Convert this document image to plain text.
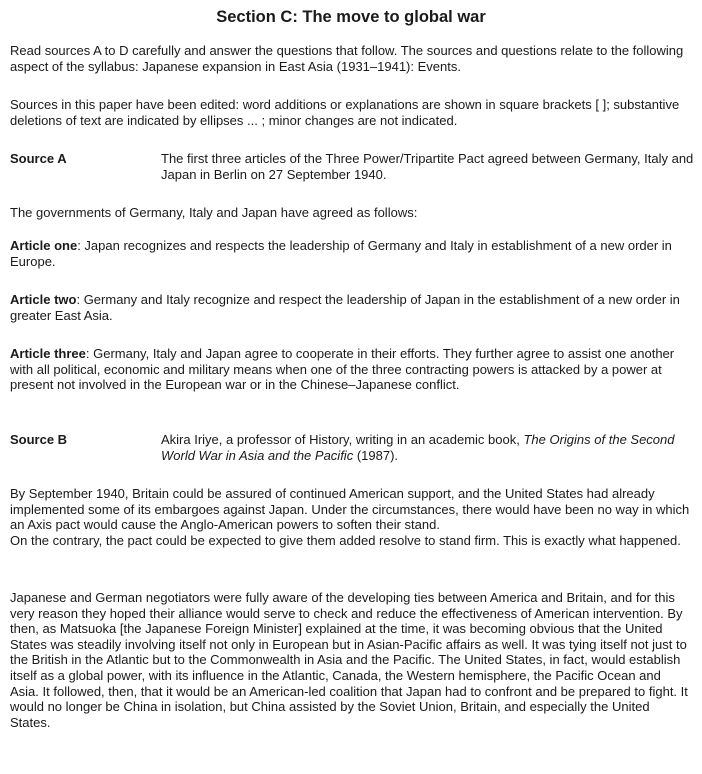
Section C: The move to global war

Read sources A to D carefully and answer the questions that follow. The sources and questions relate to the following aspect of the syllabus: Japanese expansion in East Asia (1931–1941): Events.

Sources in this paper have been edited: word additions or explanations are shown in square brackets [ ]; substantive deletions of text are indicated by ellipses ... ; minor changes are not indicated.

Source A	The first three articles of the Three Power/Tripartite Pact agreed between Germany, Italy and Japan in Berlin on 27 September 1940.

The governments of Germany, Italy and Japan have agreed as follows:

Article one: Japan recognizes and respects the leadership of Germany and Italy in establishment of a new order in Europe.

Article two: Germany and Italy recognize and respect the leadership of Japan in the establishment of a new order in greater East Asia.

Article three: Germany, Italy and Japan agree to cooperate in their efforts. They further agree to assist one another with all political, economic and military means when one of the three contracting powers is attacked by a power at present not involved in the European war or in the Chinese–Japanese conflict.

Source B	Akira Iriye, a professor of History, writing in an academic book, The Origins of the Second World War in Asia and the Pacific (1987).
By September 1940, Britain could be assured of continued American support, and the United States had already implemented some of its embargoes against Japan. Under the circumstances, there would have been no way in which an Axis pact would cause the Anglo-American powers to soften their stand.
On the contrary, the pact could be expected to give them added resolve to stand firm. This is exactly what happened.

Japanese and German negotiators were fully aware of the developing ties between America and Britain, and for this very reason they hoped their alliance would serve to check and reduce the effectiveness of American intervention. By then, as Matsuoka [the Japanese Foreign Minister] explained at the time, it was becoming obvious that the United States was steadily involving itself not only in European but in Asian-Pacific affairs as well. It was tying itself not just to the British in the Atlantic but to the Commonwealth in Asia and the Pacific. The United States, in fact, would establish itself as a global power, with its influence in the Atlantic, Canada, the Western hemisphere, the Pacific Ocean and Asia. It followed, then, that it would be an American-led coalition that Japan had to confront and be prepared to fight. It would no longer be China in isolation, but China assisted by the Soviet Union, Britain, and especially the United States.
